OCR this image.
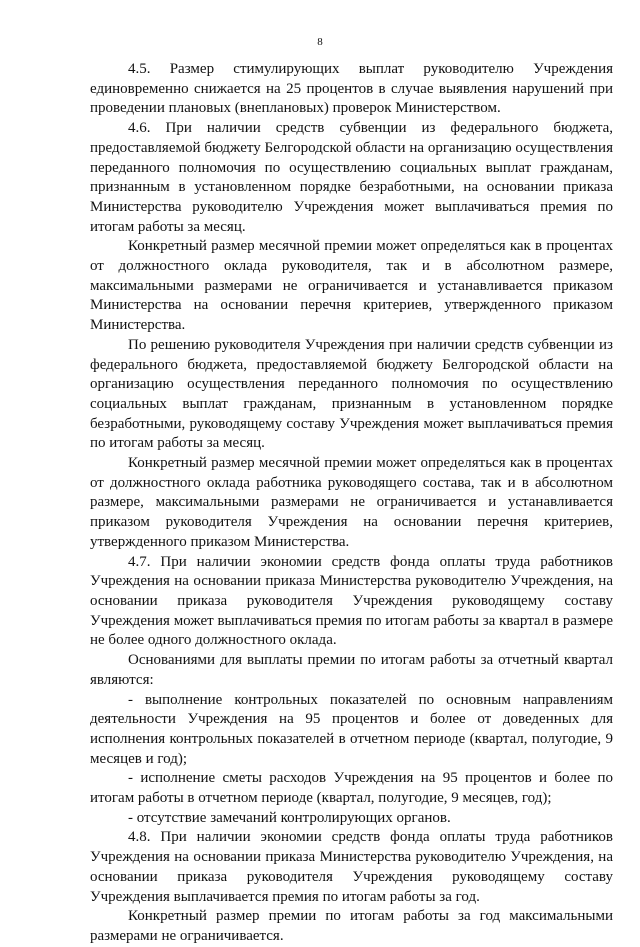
8

4.5. Размер стимулирующих выплат руководителю Учреждения единовременно снижается на 25 процентов в случае выявления нарушений при проведении плановых (внеплановых) проверок Министерством.

4.6. При наличии средств субвенции из федерального бюджета, предоставляемой бюджету Белгородской области на организацию осуществления переданного полномочия по осуществлению социальных выплат гражданам, признанным в установленном порядке безработными, на основании приказа Министерства руководителю Учреждения может выплачиваться премия по итогам работы за месяц.

Конкретный размер месячной премии может определяться как в процентах от должностного оклада руководителя, так и в абсолютном размере, максимальными размерами не ограничивается и устанавливается приказом Министерства на основании перечня критериев, утвержденного приказом Министерства.

По решению руководителя Учреждения при наличии средств субвенции из федерального бюджета, предоставляемой бюджету Белгородской области на организацию осуществления переданного полномочия по осуществлению социальных выплат гражданам, признанным в установленном порядке безработными, руководящему составу Учреждения может выплачиваться премия по итогам работы за месяц.

Конкретный размер месячной премии может определяться как в процентах от должностного оклада работника руководящего состава, так и в абсолютном размере, максимальными размерами не ограничивается и устанавливается приказом руководителя Учреждения на основании перечня критериев, утвержденного приказом Министерства.

4.7. При наличии экономии средств фонда оплаты труда работников Учреждения на основании приказа Министерства руководителю Учреждения, на основании приказа руководителя Учреждения руководящему составу Учреждения может выплачиваться премия по итогам работы за квартал в размере не более одного должностного оклада.

Основаниями для выплаты премии по итогам работы за отчетный квартал являются:

- выполнение контрольных показателей по основным направлениям деятельности Учреждения на 95 процентов и более от доведенных для исполнения контрольных показателей в отчетном периоде (квартал, полугодие, 9 месяцев и год);

- исполнение сметы расходов Учреждения на 95 процентов и более по итогам работы в отчетном периоде (квартал, полугодие, 9 месяцев, год);

- отсутствие замечаний контролирующих органов.

4.8. При наличии экономии средств фонда оплаты труда работников Учреждения на основании приказа Министерства руководителю Учреждения, на основании приказа руководителя Учреждения руководящему составу Учреждения выплачивается премия по итогам работы за год.

Конкретный размер премии по итогам работы за год максимальными размерами не ограничивается.
